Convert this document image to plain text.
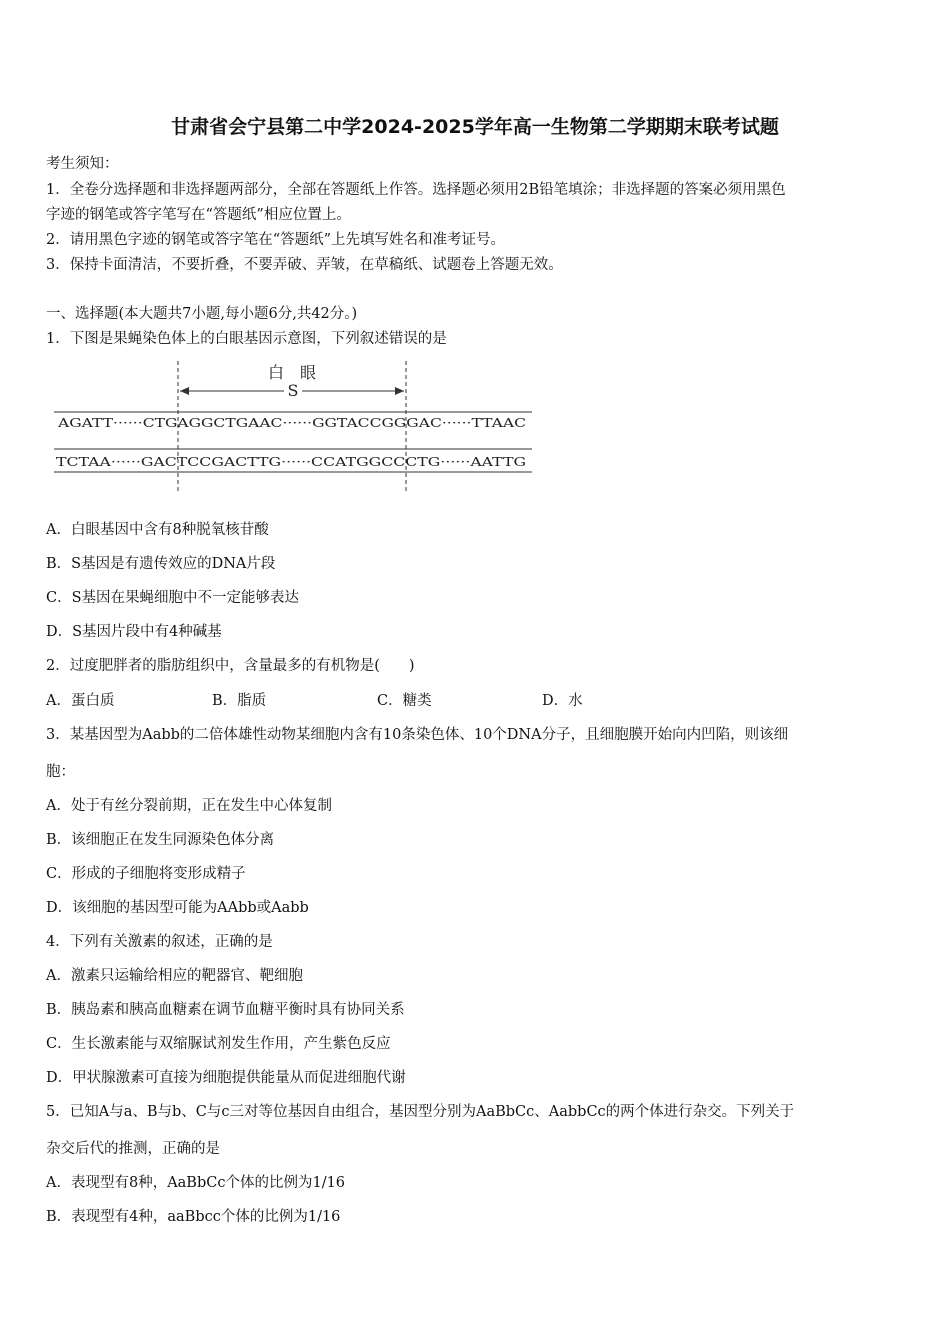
甘肃省会宁县第二中学2024-2025学年高一生物第二学期期末联考试题
考生须知：
1．全卷分选择题和非选择题两部分，全部在答题纸上作答。选择题必须用2B铅笔填涂；非选择题的答案必须用黑色
字迹的钢笔或答字笔写在“答题纸”相应位置上。
2．请用黑色字迹的钢笔或答字笔在“答题纸”上先填写姓名和准考证号。
3．保持卡面清洁，不要折叠，不要弄破、弄皱，在草稿纸、试题卷上答题无效。
一、选择题(本大题共7小题,每小题6分,共42分。)
1．下图是果蝇染色体上的白眼基因示意图，下列叙述错误的是
白　眼
S
AGATT······CTGAGGCTGAAC······GGTACCGGGAC······TTAAC
TCTAA······GACTCCGACTTG······CCATGGCCCTG······AATTG
A．白眼基因中含有8种脱氧核苷酸
B．S基因是有遗传效应的DNA片段
C．S基因在果蝇细胞中不一定能够表达
D．S基因片段中有4种碱基
2．过度肥胖者的脂肪组织中，含量最多的有机物是(　　)
A．蛋白质	B．脂质	C．糖类	D．水
3．某基因型为Aabb的二倍体雄性动物某细胞内含有10条染色体、10个DNA分子，且细胞膜开始向内凹陷，则该细
胞：
A．处于有丝分裂前期，正在发生中心体复制
B．该细胞正在发生同源染色体分离
C．形成的子细胞将变形成精子
D．该细胞的基因型可能为AAbb或Aabb
4．下列有关激素的叙述，正确的是
A．激素只运输给相应的靶器官、靶细胞
B．胰岛素和胰高血糖素在调节血糖平衡时具有协同关系
C．生长激素能与双缩脲试剂发生作用，产生紫色反应
D．甲状腺激素可直接为细胞提供能量从而促进细胞代谢
5．已知A与a、B与b、C与c三对等位基因自由组合，基因型分别为AaBbCc、AabbCc的两个体进行杂交。下列关于
杂交后代的推测，正确的是
A．表现型有8种，AaBbCc个体的比例为1/16
B．表现型有4种，aaBbcc个体的比例为1/16
